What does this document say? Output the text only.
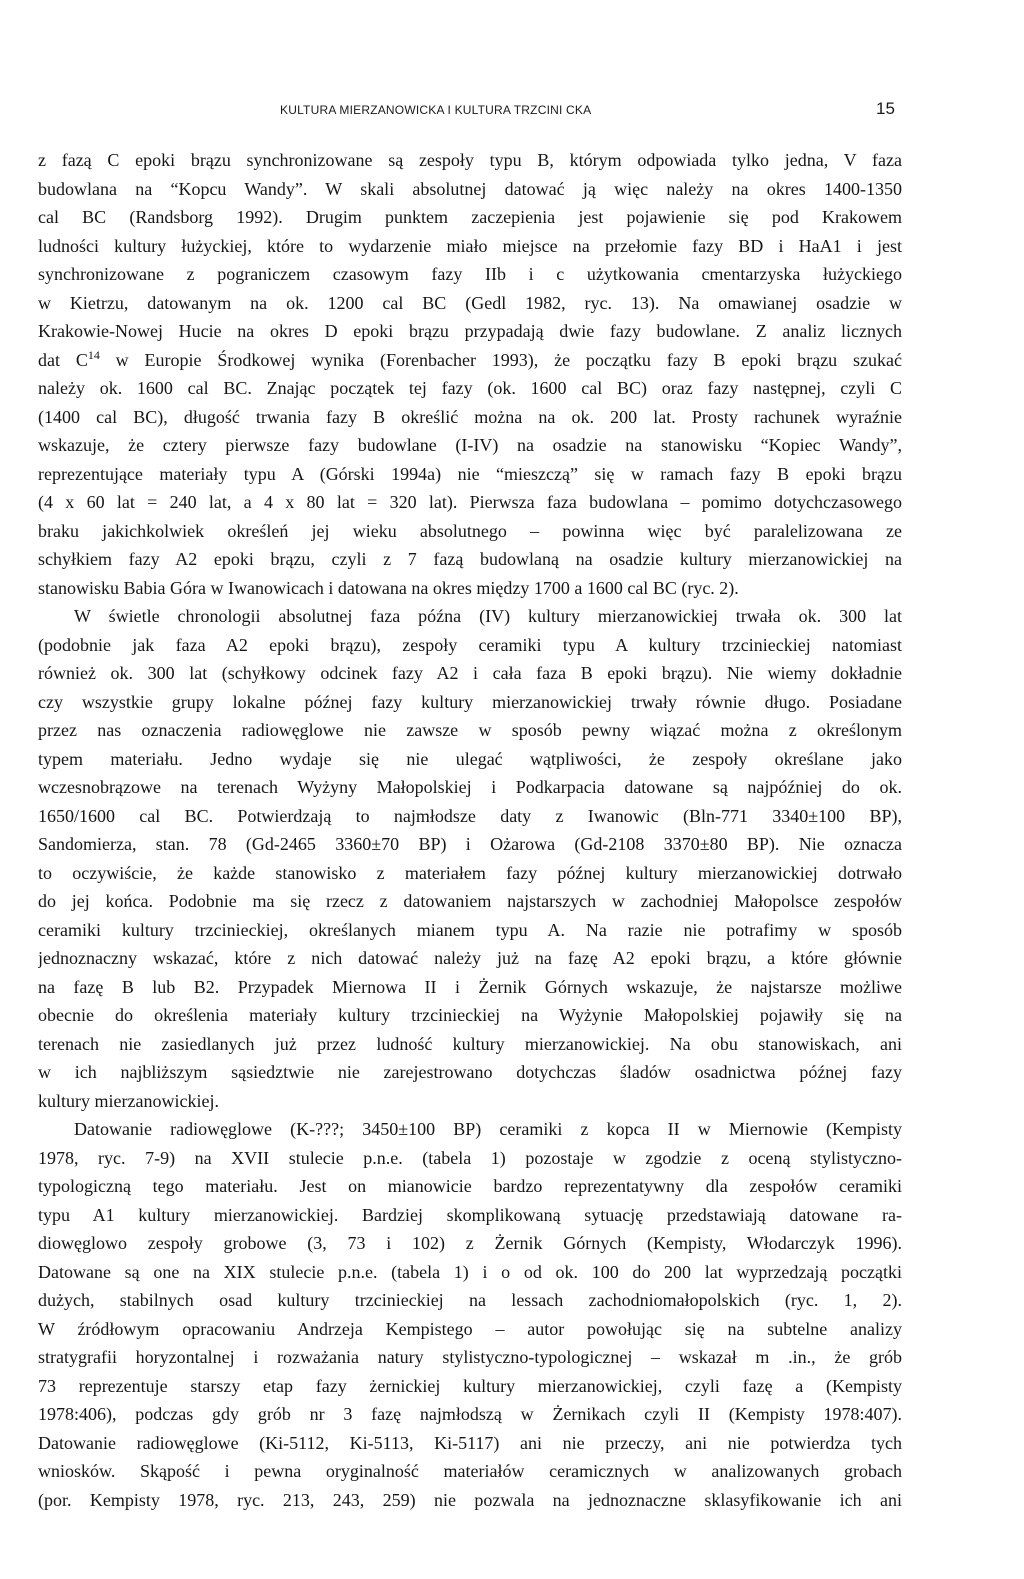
KULTURA MIERZANOWICKA I KULTURA TRZCINI CKA	15
z fazą C epoki brązu synchronizowane są zespoły typu B, którym odpowiada tylko jedna, V faza
budowlana na “Kopcu Wandy”. W skali absolutnej datować ją więc należy na okres 1400-1350
cal BC (Randsborg 1992). Drugim punktem zaczepienia jest pojawienie się pod Krakowem
ludności kultury łużyckiej, które to wydarzenie miało miejsce na przełomie fazy BD i HaA1 i jest
synchronizowane z pograniczem czasowym fazy IIb i c użytkowania cmentarzyska łużyckiego
w Kietrzu, datowanym na ok. 1200 cal BC (Gedl 1982, ryc. 13). Na omawianej osadzie w
Krakowie-Nowej Hucie na okres D epoki brązu przypadają dwie fazy budowlane. Z analiz licznych
dat $C^{14}$ w Europie Środkowej wynika (Forenbacher 1993), że początku fazy B epoki brązu szukać
należy ok. 1600 cal BC. Znając początek tej fazy (ok. 1600 cal BC) oraz fazy następnej, czyli C
(1400 cal BC), długość trwania fazy B określić można na ok. 200 lat. Prosty rachunek wyraźnie
wskazuje, że cztery pierwsze fazy budowlane (I-IV) na osadzie na stanowisku “Kopiec Wandy”,
reprezentujące materiały typu A (Górski 1994a) nie “mieszczą” się w ramach fazy B epoki brązu
(4 x 60 lat = 240 lat, a 4 x 80 lat = 320 lat). Pierwsza faza budowlana – pomimo dotychczasowego
braku jakichkolwiek określeń jej wieku absolutnego – powinna więc być paralelizowana ze
schyłkiem fazy A2 epoki brązu, czyli z 7 fazą budowlaną na osadzie kultury mierzanowickiej na
stanowisku Babia Góra w Iwanowicach i datowana na okres między 1700 a 1600 cal BC (ryc. 2).
W świetle chronologii absolutnej faza późna (IV) kultury mierzanowickiej trwała ok. 300 lat
(podobnie jak faza A2 epoki brązu), zespoły ceramiki typu A kultury trzcinieckiej natomiast
również ok. 300 lat (schyłkowy odcinek fazy A2 i cała faza B epoki brązu). Nie wiemy dokładnie
czy wszystkie grupy lokalne późnej fazy kultury mierzanowickiej trwały równie długo. Posiadane
przez nas oznaczenia radiowęglowe nie zawsze w sposób pewny wiązać można z określonym
typem materiału. Jedno wydaje się nie ulegać wątpliwości, że zespoły określane jako
wczesnobrązowe na terenach Wyżyny Małopolskiej i Podkarpacia datowane są najpóźniej do ok.
1650/1600 cal BC. Potwierdzają to najmłodsze daty z Iwanowic (Bln-771 3340±100 BP),
Sandomierza, stan. 78 (Gd-2465 3360±70 BP) i Ożarowa (Gd-2108 3370±80 BP). Nie oznacza
to oczywiście, że każde stanowisko z materiałem fazy późnej kultury mierzanowickiej dotrwało
do jej końca. Podobnie ma się rzecz z datowaniem najstarszych w zachodniej Małopolsce zespołów
ceramiki kultury trzcinieckiej, określanych mianem typu A. Na razie nie potrafimy w sposób
jednoznaczny wskazać, które z nich datować należy już na fazę A2 epoki brązu, a które głównie
na fazę B lub B2. Przypadek Miernowa II i Żernik Górnych wskazuje, że najstarsze możliwe
obecnie do określenia materiały kultury trzcinieckiej na Wyżynie Małopolskiej pojawiły się na
terenach nie zasiedlanych już przez ludność kultury mierzanowickiej. Na obu stanowiskach, ani
w ich najbliższym sąsiedztwie nie zarejestrowano dotychczas śladów osadnictwa późnej fazy
kultury mierzanowickiej.
Datowanie radiowęglowe (K-???; 3450±100 BP) ceramiki z kopca II w Miernowie (Kempisty
1978, ryc. 7-9) na XVII stulecie p.n.e. (tabela 1) pozostaje w zgodzie z oceną stylistyczno-
typologiczną tego materiału. Jest on mianowicie bardzo reprezentatywny dla zespołów ceramiki
typu A1 kultury mierzanowickiej. Bardziej skomplikowaną sytuację przedstawiają datowane ra-
diowęglowo zespoły grobowe (3, 73 i 102) z Żernik Górnych (Kempisty, Włodarczyk 1996).
Datowane są one na XIX stulecie p.n.e. (tabela 1) i o od ok. 100 do 200 lat wyprzedzają początki
dużych, stabilnych osad kultury trzcinieckiej na lessach zachodniomałopolskich (ryc. 1, 2).
W źródłowym opracowaniu Andrzeja Kempistego – autor powołując się na subtelne analizy
stratygrafii horyzontalnej i rozważania natury stylistyczno-typologicznej – wskazał m .in., że grób
73 reprezentuje starszy etap fazy żernickiej kultury mierzanowickiej, czyli fazę a (Kempisty
1978:406), podczas gdy grób nr 3 fazę najmłodszą w Żernikach czyli II (Kempisty 1978:407).
Datowanie radiowęglowe (Ki-5112, Ki-5113, Ki-5117) ani nie przeczy, ani nie potwierdza tych
wniosków. Skąpość i pewna oryginalność materiałów ceramicznych w analizowanych grobach
(por. Kempisty 1978, ryc. 213, 243, 259) nie pozwala na jednoznaczne sklasyfikowanie ich ani
